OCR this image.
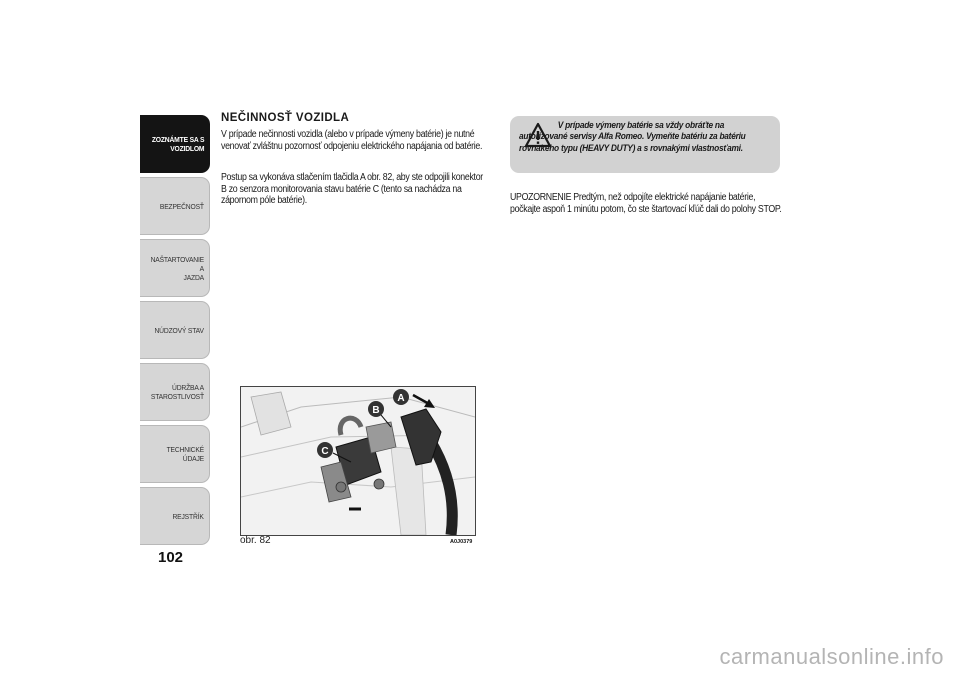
ZOZNÁMTE SA S
VOZIDLOM
BEZPEČNOSŤ
NAŠTARTOVANIE A
JAZDA
NÚDZOVÝ STAV
ÚDRŽBA A
STAROSTLIVOSŤ
TECHNICKÉ ÚDAJE
REJSTŘÍK
102
NEČINNOSŤ VOZIDLA
V prípade nečinnosti vozidla (alebo v prípade výmeny batérie) je nutné venovať zvláštnu pozornosť odpojeniu elektrického napájania od batérie.
Postup sa vykonáva stlačením tlačidla A obr. 82, aby ste odpojili konektor B zo senzora monitorovania stavu batérie C (tento sa nachádza na zápornom póle batérie).
A
B
C
obr. 82	A0J0379
V prípade výmeny batérie sa vždy obráťte na autorizované servisy Alfa Romeo. Vymeňte batériu za batériu rovnakého typu (HEAVY DUTY) a s rovnakými vlastnosťami.
UPOZORNENIE Predtým, než odpojíte elektrické napájanie batérie, počkajte aspoň 1 minútu potom, čo ste štartovací kľúč dali do polohy STOP.
carmanualsonline.info
